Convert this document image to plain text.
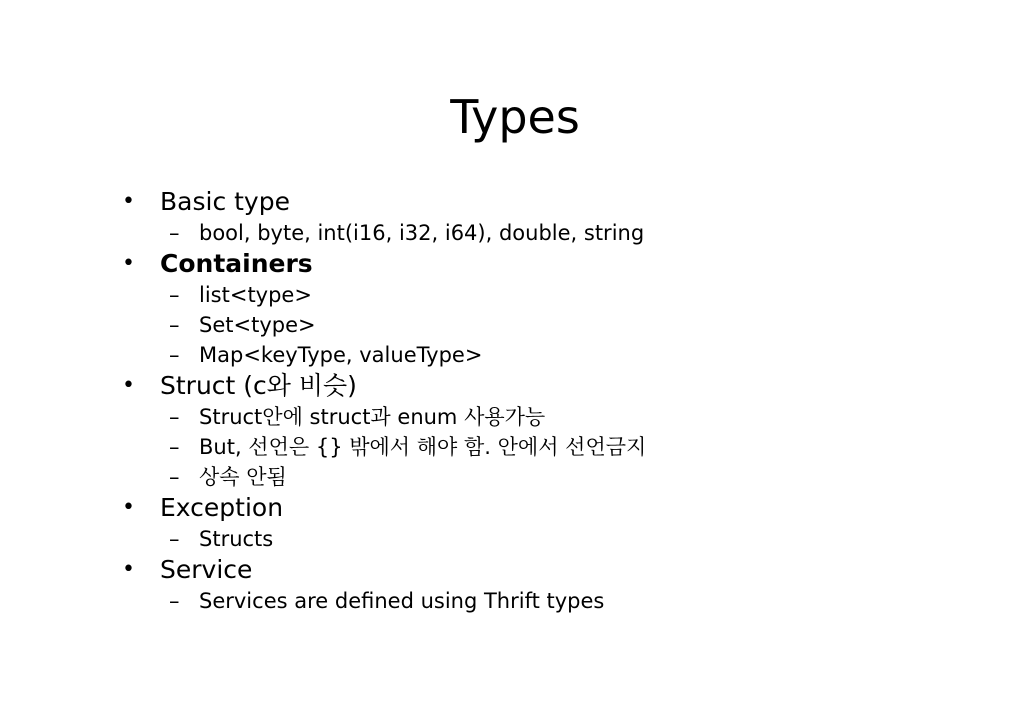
Types
• Basic type
– bool, byte, int(i16, i32, i64), double, string
• Containers
– list<type>
– Set<type>
– Map<keyType, valueType>
• Struct (c와 비슷)
– Struct안에 struct과 enum 사용가능
– But, 선언은 {} 밖에서 해야 함. 안에서 선언금지
– 상속 안됨
• Exception
– Structs
• Service
– Services are defined using Thrift types
